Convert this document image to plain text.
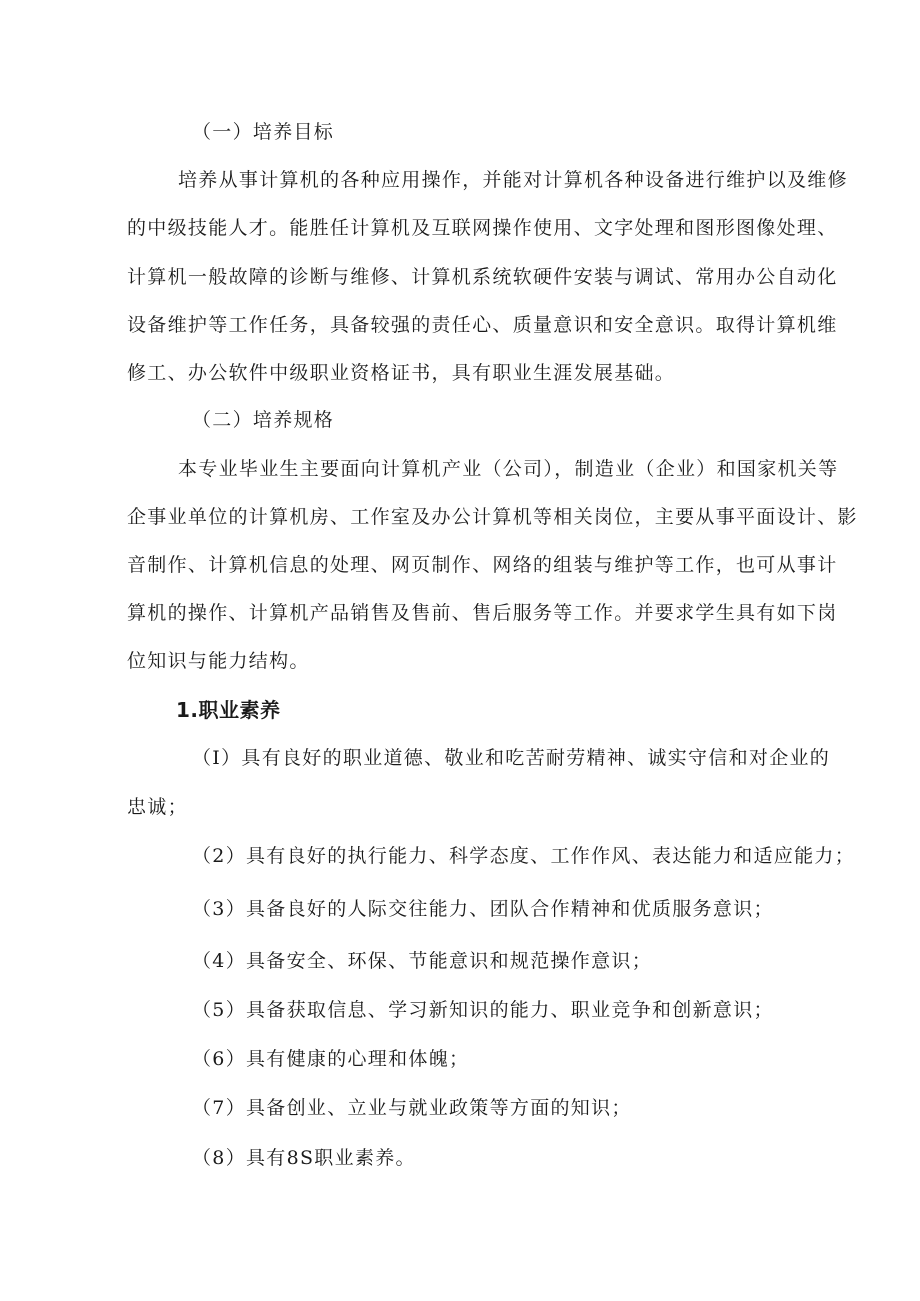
（一）培养目标
培养从事计算机的各种应用操作，并能对计算机各种设备进行维护以及维修
的中级技能人才。能胜任计算机及互联网操作使用、文字处理和图形图像处理、
计算机一般故障的诊断与维修、计算机系统软硬件安装与调试、常用办公自动化
设备维护等工作任务，具备较强的责任心、质量意识和安全意识。取得计算机维
修工、办公软件中级职业资格证书，具有职业生涯发展基础。
（二）培养规格
本专业毕业生主要面向计算机产业（公司），制造业（企业）和国家机关等
企事业单位的计算机房、工作室及办公计算机等相关岗位，主要从事平面设计、影
音制作、计算机信息的处理、网页制作、网络的组装与维护等工作，也可从事计
算机的操作、计算机产品销售及售前、售后服务等工作。并要求学生具有如下岗
位知识与能力结构。
1.职业素养
（I）具有良好的职业道德、敬业和吃苦耐劳精神、诚实守信和对企业的
忠诚；
（2）具有良好的执行能力、科学态度、工作作风、表达能力和适应能力；
（3）具备良好的人际交往能力、团队合作精神和优质服务意识；
（4）具备安全、环保、节能意识和规范操作意识；
（5）具备获取信息、学习新知识的能力、职业竞争和创新意识；
（6）具有健康的心理和体魄；
（7）具备创业、立业与就业政策等方面的知识；
（8）具有8S职业素养。
